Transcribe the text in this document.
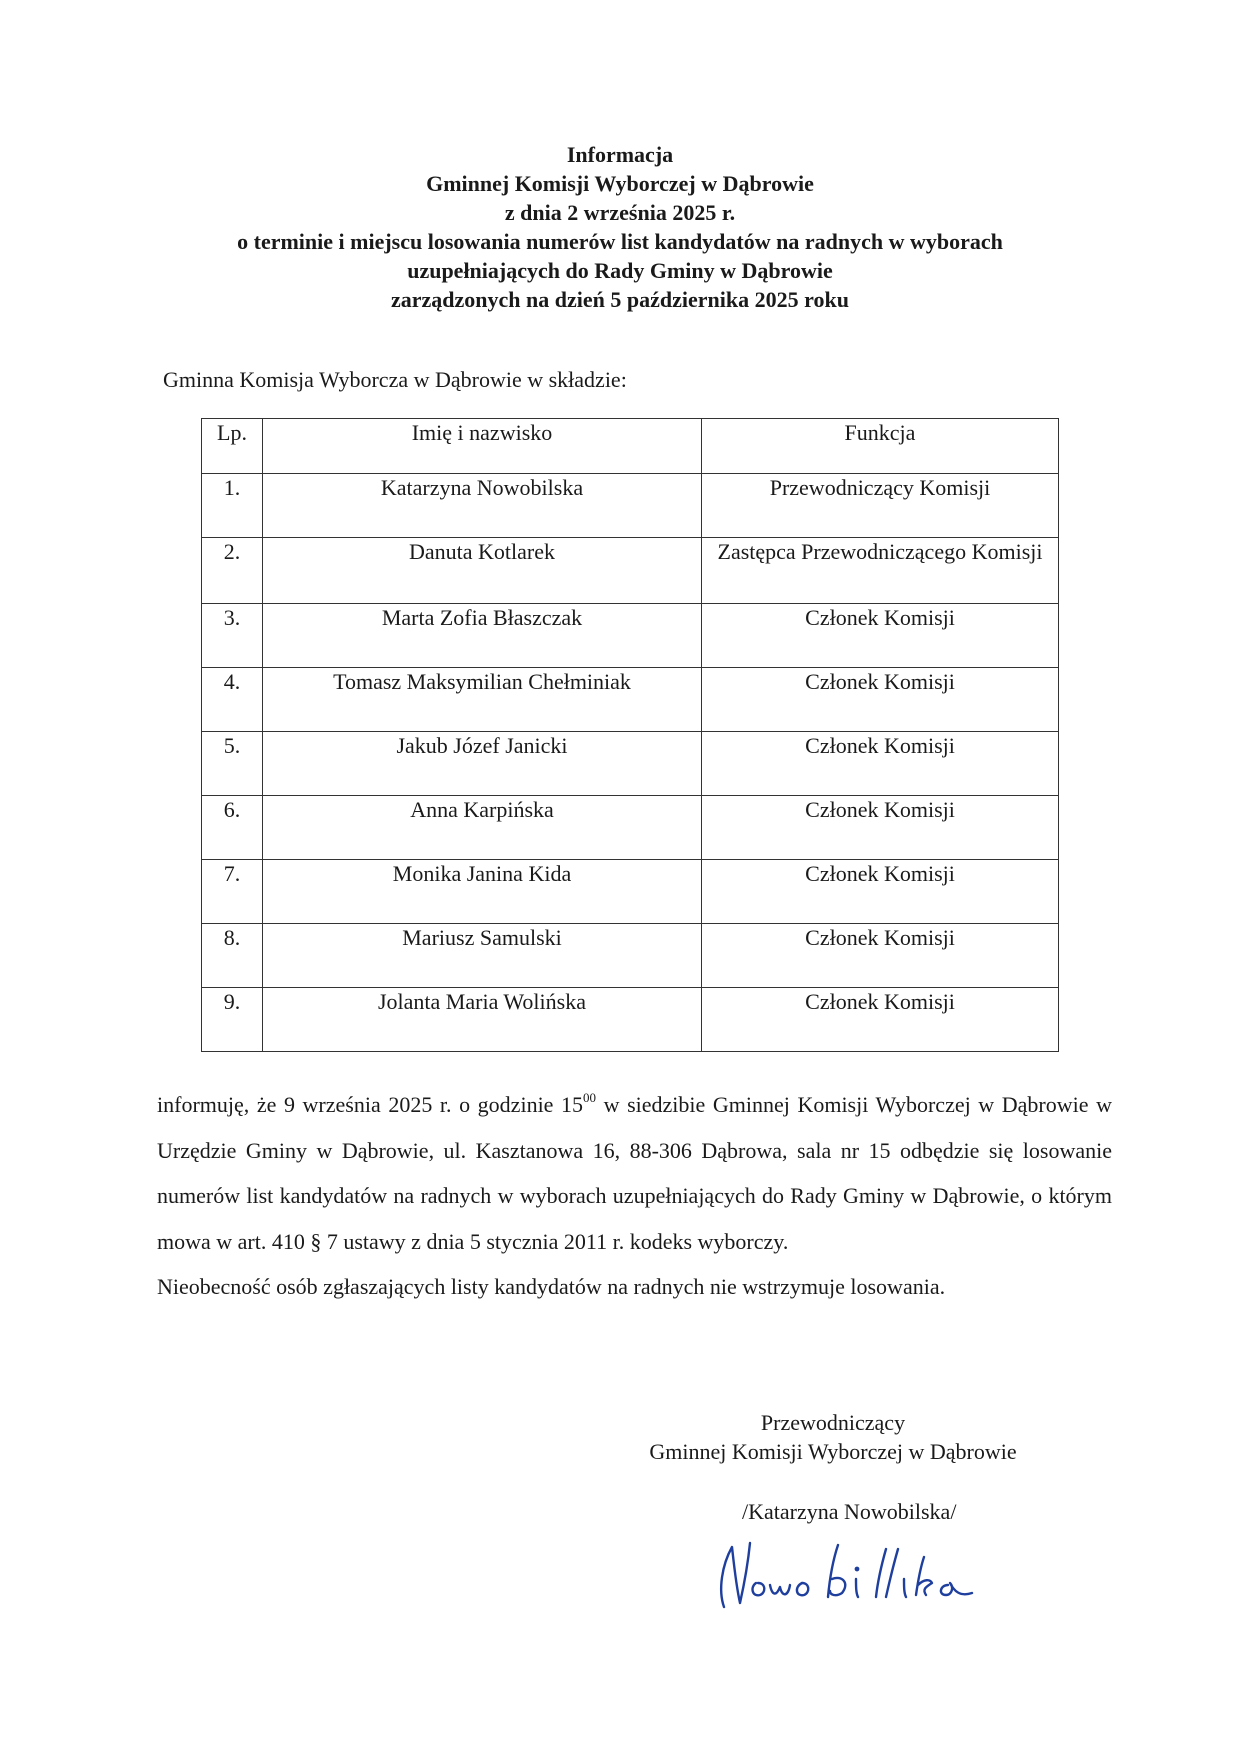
Informacja
Gminnej Komisji Wyborczej w Dąbrowie
z dnia 2 września 2025 r.
o terminie i miejscu losowania numerów list kandydatów na radnych w wyborach
uzupełniających do Rady Gminy w Dąbrowie
zarządzonych na dzień 5 października 2025 roku
Gminna Komisja Wyborcza w Dąbrowie w składzie:
Lp.	Imię i nazwisko	Funkcja
1.	Katarzyna Nowobilska	Przewodniczący Komisji
2.	Danuta Kotlarek	Zastępca Przewodniczącego Komisji
3.	Marta Zofia Błaszczak	Członek Komisji
4.	Tomasz Maksymilian Chełminiak	Członek Komisji
5.	Jakub Józef Janicki	Członek Komisji
6.	Anna Karpińska	Członek Komisji
7.	Monika Janina Kida	Członek Komisji
8.	Mariusz Samulski	Członek Komisji
9.	Jolanta Maria Wolińska	Członek Komisji

informuję, że 9 września 2025 r. o godzinie $15^{00}$ w siedzibie Gminnej Komisji Wyborczej w Dąbrowie w Urzędzie Gminy w Dąbrowie, ul. Kasztanowa 16, 88-306 Dąbrowa, sala nr 15 odbędzie się losowanie numerów list kandydatów na radnych w wyborach uzupełniających do Rady Gminy w Dąbrowie, o którym mowa w art. 410 § 7 ustawy z dnia 5 stycznia 2011 r. kodeks wyborczy.

Nieobecność osób zgłaszających listy kandydatów na radnych nie wstrzymuje losowania.

Przewodniczący
Gminnej Komisji Wyborczej w Dąbrowie
/Katarzyna Nowobilska/
